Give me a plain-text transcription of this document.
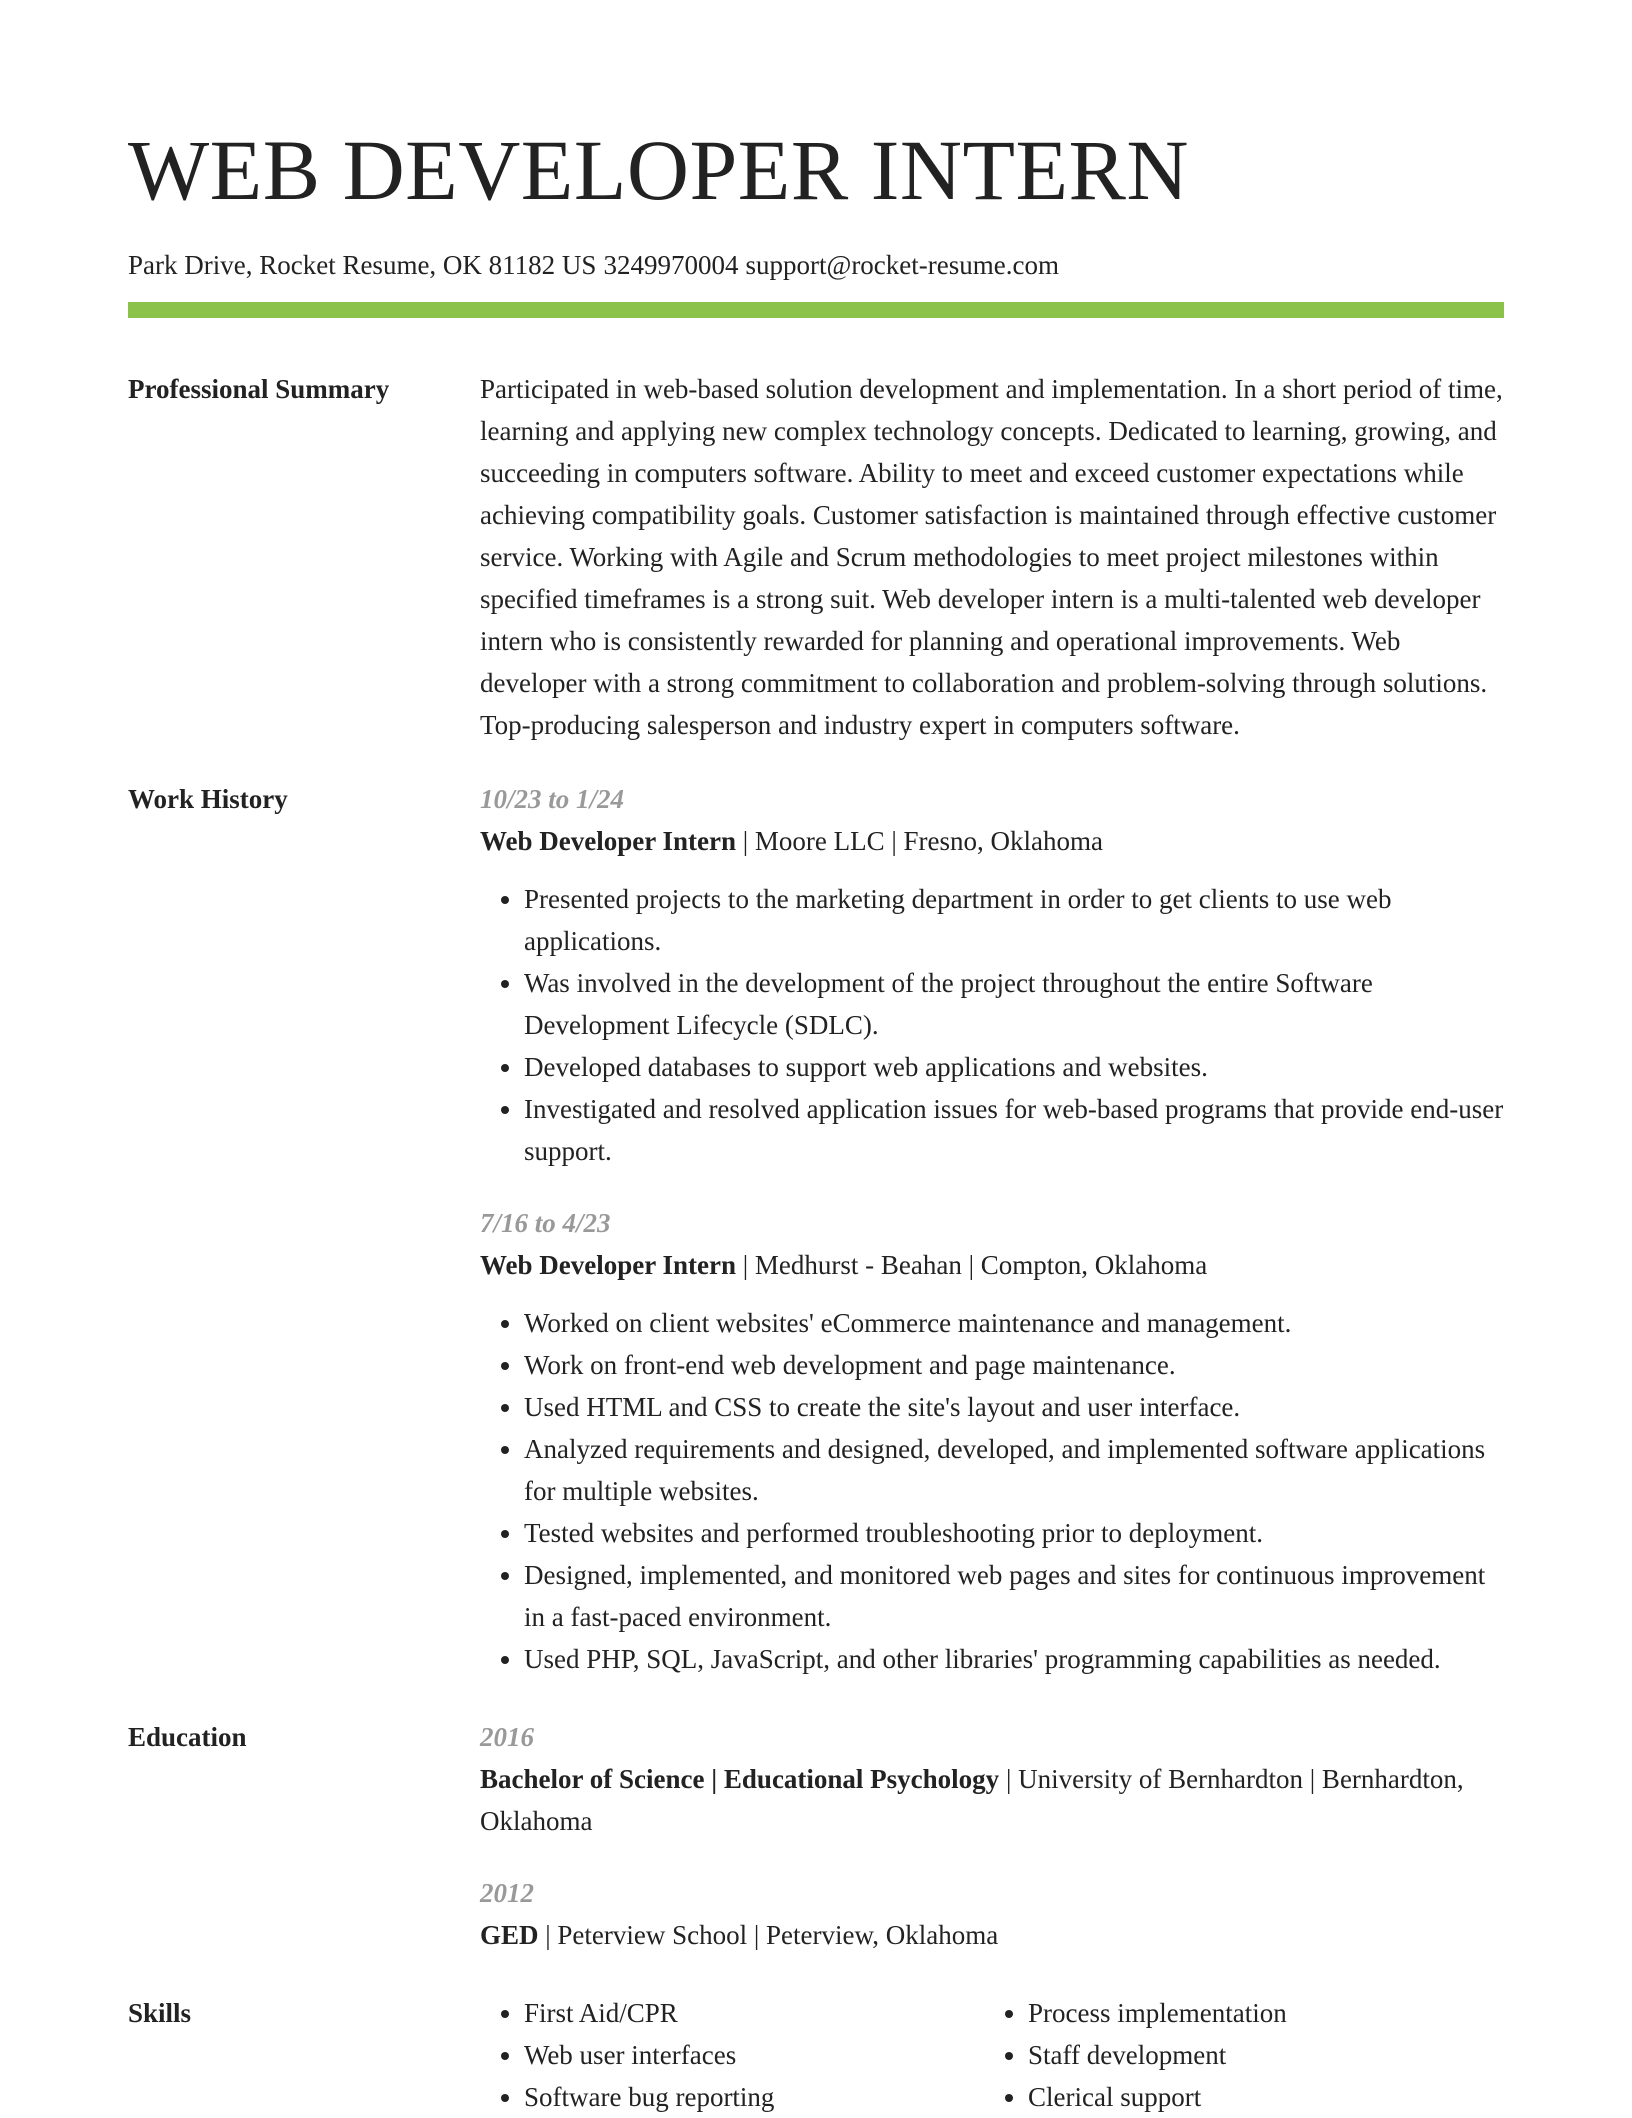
WEB DEVELOPER INTERN
Park Drive, Rocket Resume, OK 81182 US 3249970004 support@rocket-resume.com
Professional Summary	Participated in web-based solution development and implementation. In a short period of time, learning and applying new complex technology concepts. Dedicated to learning, growing, and succeeding in computers software. Ability to meet and exceed customer expectations while achieving compatibility goals. Customer satisfaction is maintained through effective customer service. Working with Agile and Scrum methodologies to meet project milestones within specified timeframes is a strong suit. Web developer intern is a multi-talented web developer intern who is consistently rewarded for planning and operational improvements. Web developer with a strong commitment to collaboration and problem-solving through solutions. Top-producing salesperson and industry expert in computers software.

Work History	10/23 to 1/24
Web Developer Intern | Moore LLC | Fresno, Oklahoma
• Presented projects to the marketing department in order to get clients to use web applications.
• Was involved in the development of the project throughout the entire Software Development Lifecycle (SDLC).
• Developed databases to support web applications and websites.
• Investigated and resolved application issues for web-based programs that provide end-user support.
7/16 to 4/23
Web Developer Intern | Medhurst - Beahan | Compton, Oklahoma
• Worked on client websites' eCommerce maintenance and management.
• Work on front-end web development and page maintenance.
• Used HTML and CSS to create the site's layout and user interface.
• Analyzed requirements and designed, developed, and implemented software applications for multiple websites.
• Tested websites and performed troubleshooting prior to deployment.
• Designed, implemented, and monitored web pages and sites for continuous improvement in a fast-paced environment.
• Used PHP, SQL, JavaScript, and other libraries' programming capabilities as needed.
Education	2016
Bachelor of Science | Educational Psychology | University of Bernhardton | Bernhardton, Oklahoma
2012
GED | Peterview School | Peterview, Oklahoma
Skills
•	First Aid/CPR
• Web user interfaces
• Software bug reporting
• Process implementation
• Staff development
• Clerical support
